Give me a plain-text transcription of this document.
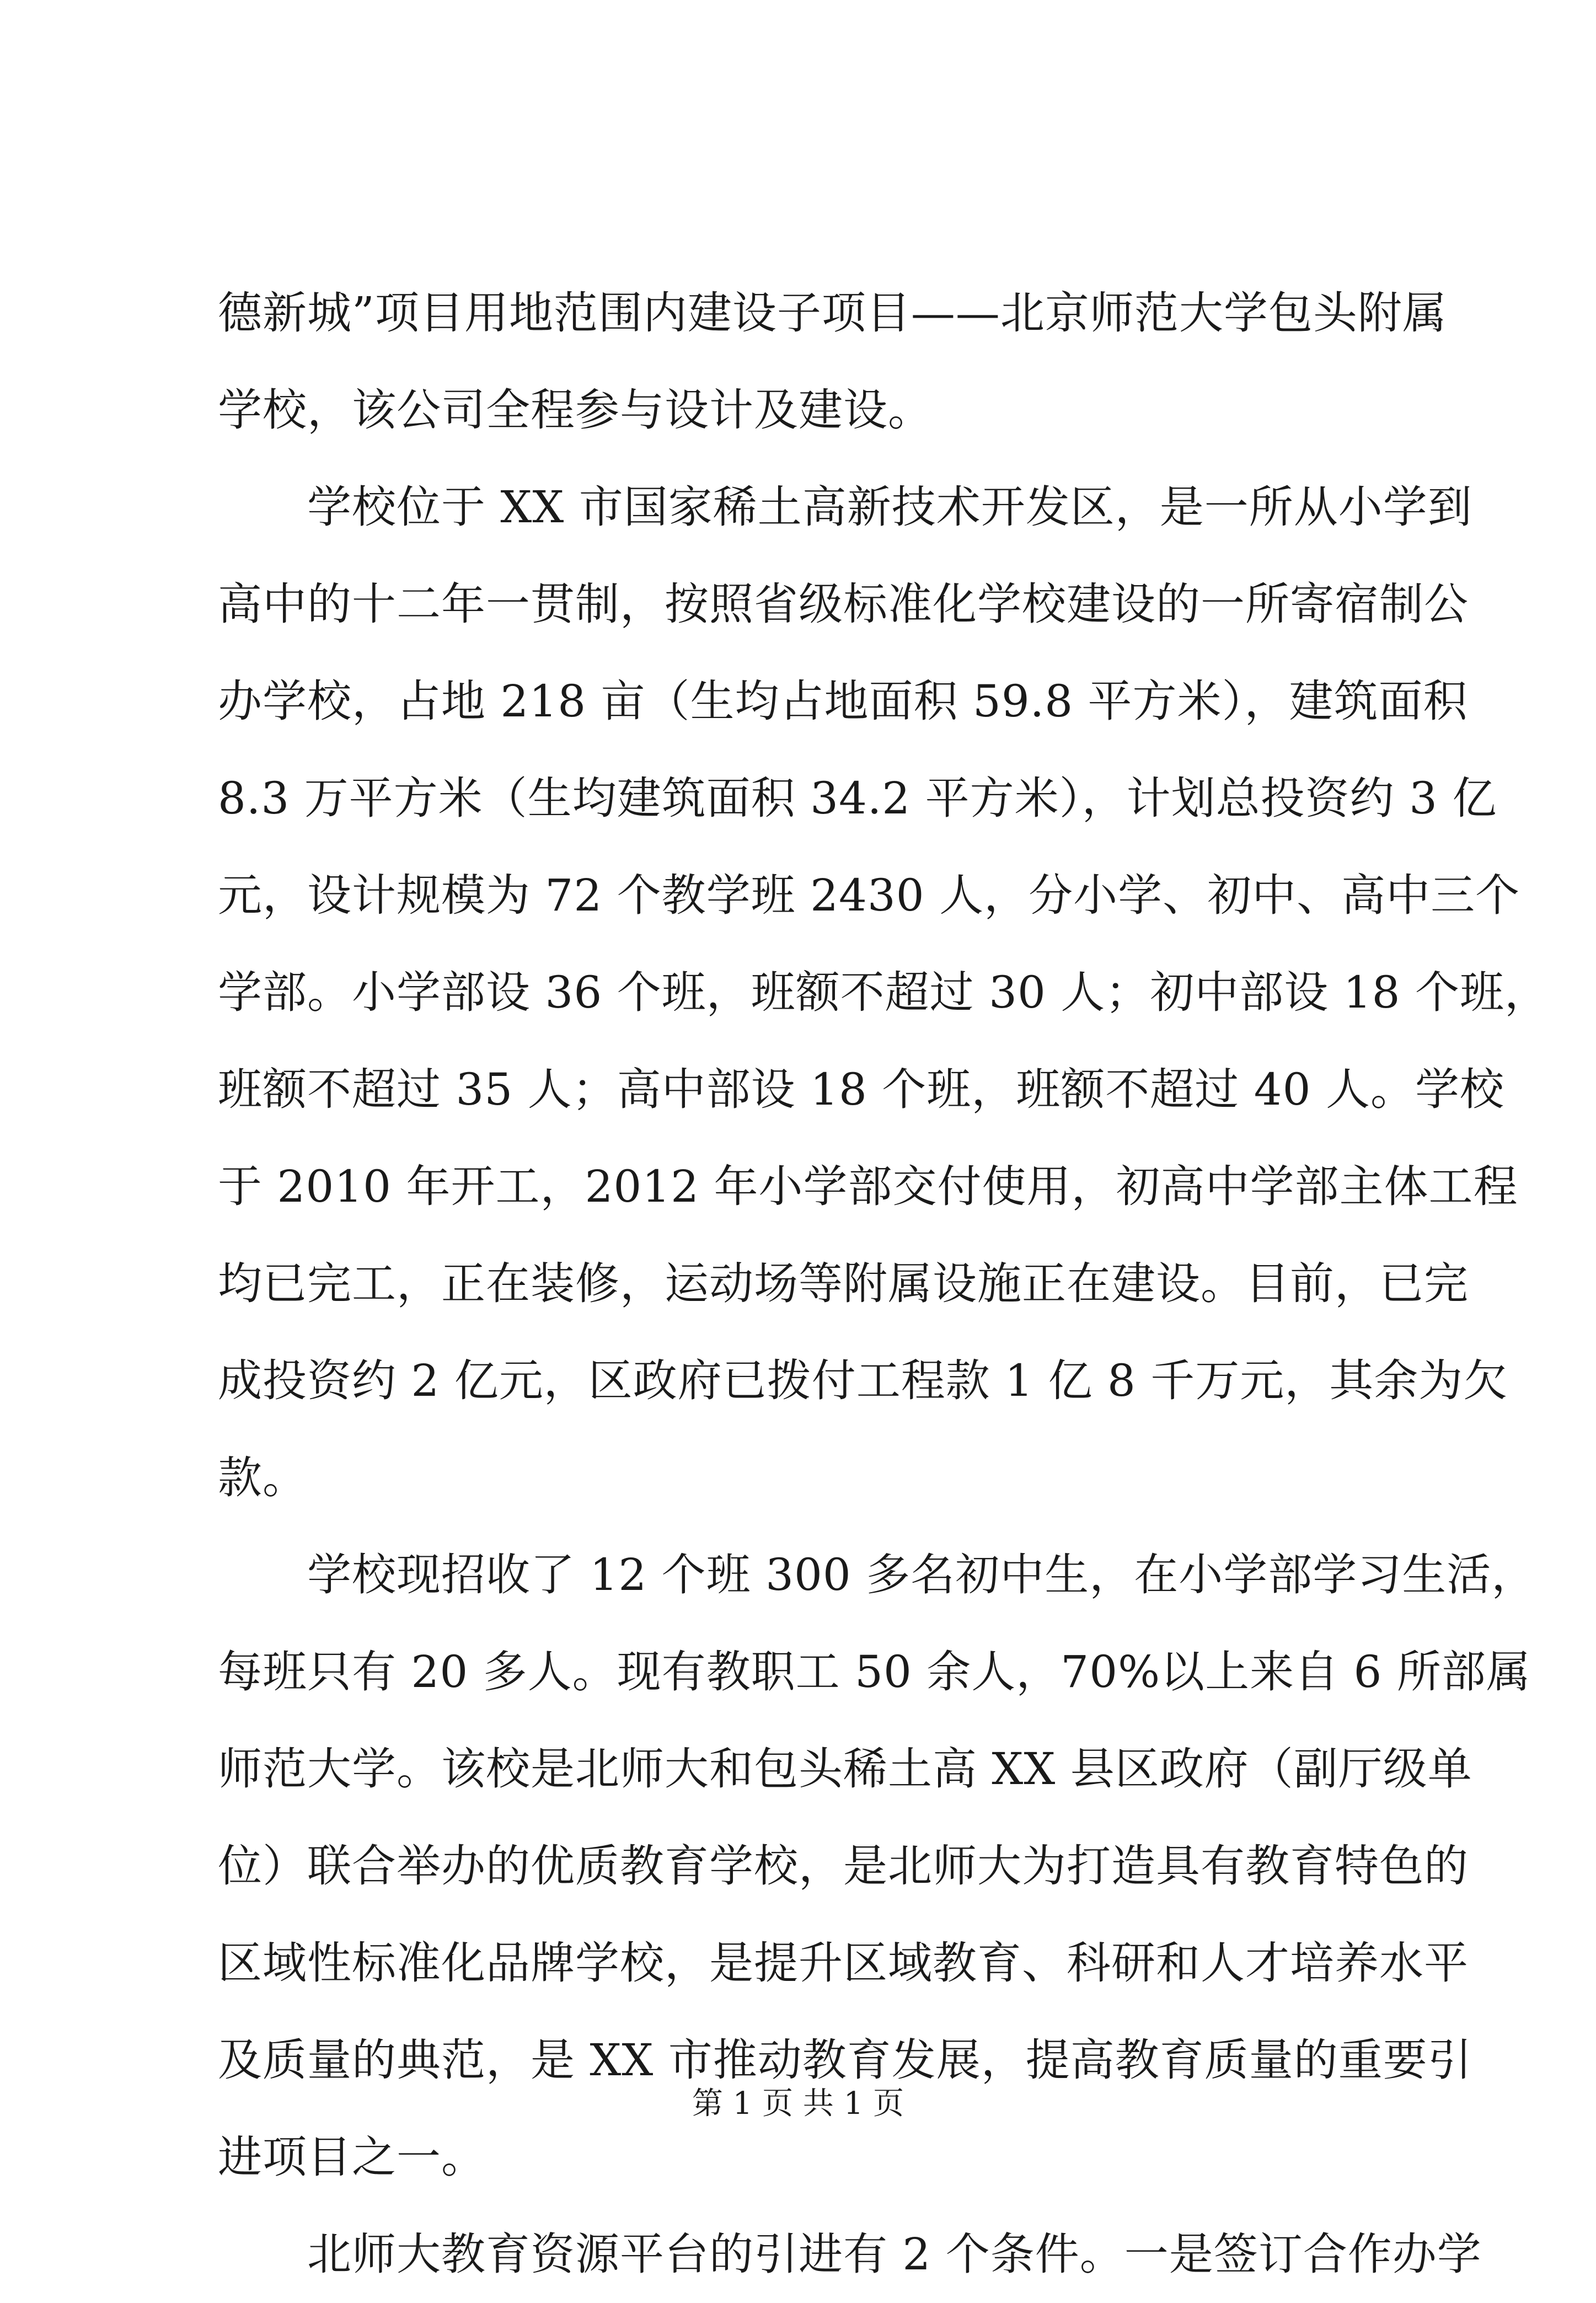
德新城”项目用地范围内建设子项目——北京师范大学包头附属
学校，该公司全程参与设计及建设。
学校位于 XX 市国家稀土高新技术开发区，是一所从小学到
高中的十二年一贯制，按照省级标准化学校建设的一所寄宿制公
办学校，占地 218 亩（生均占地面积 59.8 平方米），建筑面积
8.3 万平方米（生均建筑面积 34.2 平方米），计划总投资约 3 亿
元，设计规模为 72 个教学班 2430 人，分小学、初中、高中三个
学部。小学部设 36 个班，班额不超过 30 人；初中部设 18 个班，
班额不超过 35 人；高中部设 18 个班，班额不超过 40 人。学校
于 2010 年开工，2012 年小学部交付使用，初高中学部主体工程
均已完工，正在装修，运动场等附属设施正在建设。目前，已完
成投资约 2 亿元，区政府已拨付工程款 1 亿 8 千万元，其余为欠
款。
学校现招收了 12 个班 300 多名初中生，在小学部学习生活，
每班只有 20 多人。现有教职工 50 余人，70%以上来自 6 所部属
师范大学。该校是北师大和包头稀土高 XX 县区政府（副厅级单
位）联合举办的优质教育学校，是北师大为打造具有教育特色的
区域性标准化品牌学校，是提升区域教育、科研和人才培养水平
及质量的典范，是 XX 市推动教育发展，提高教育质量的重要引
进项目之一。
北师大教育资源平台的引进有 2 个条件。一是签订合作办学
第 1 页 共 1 页
